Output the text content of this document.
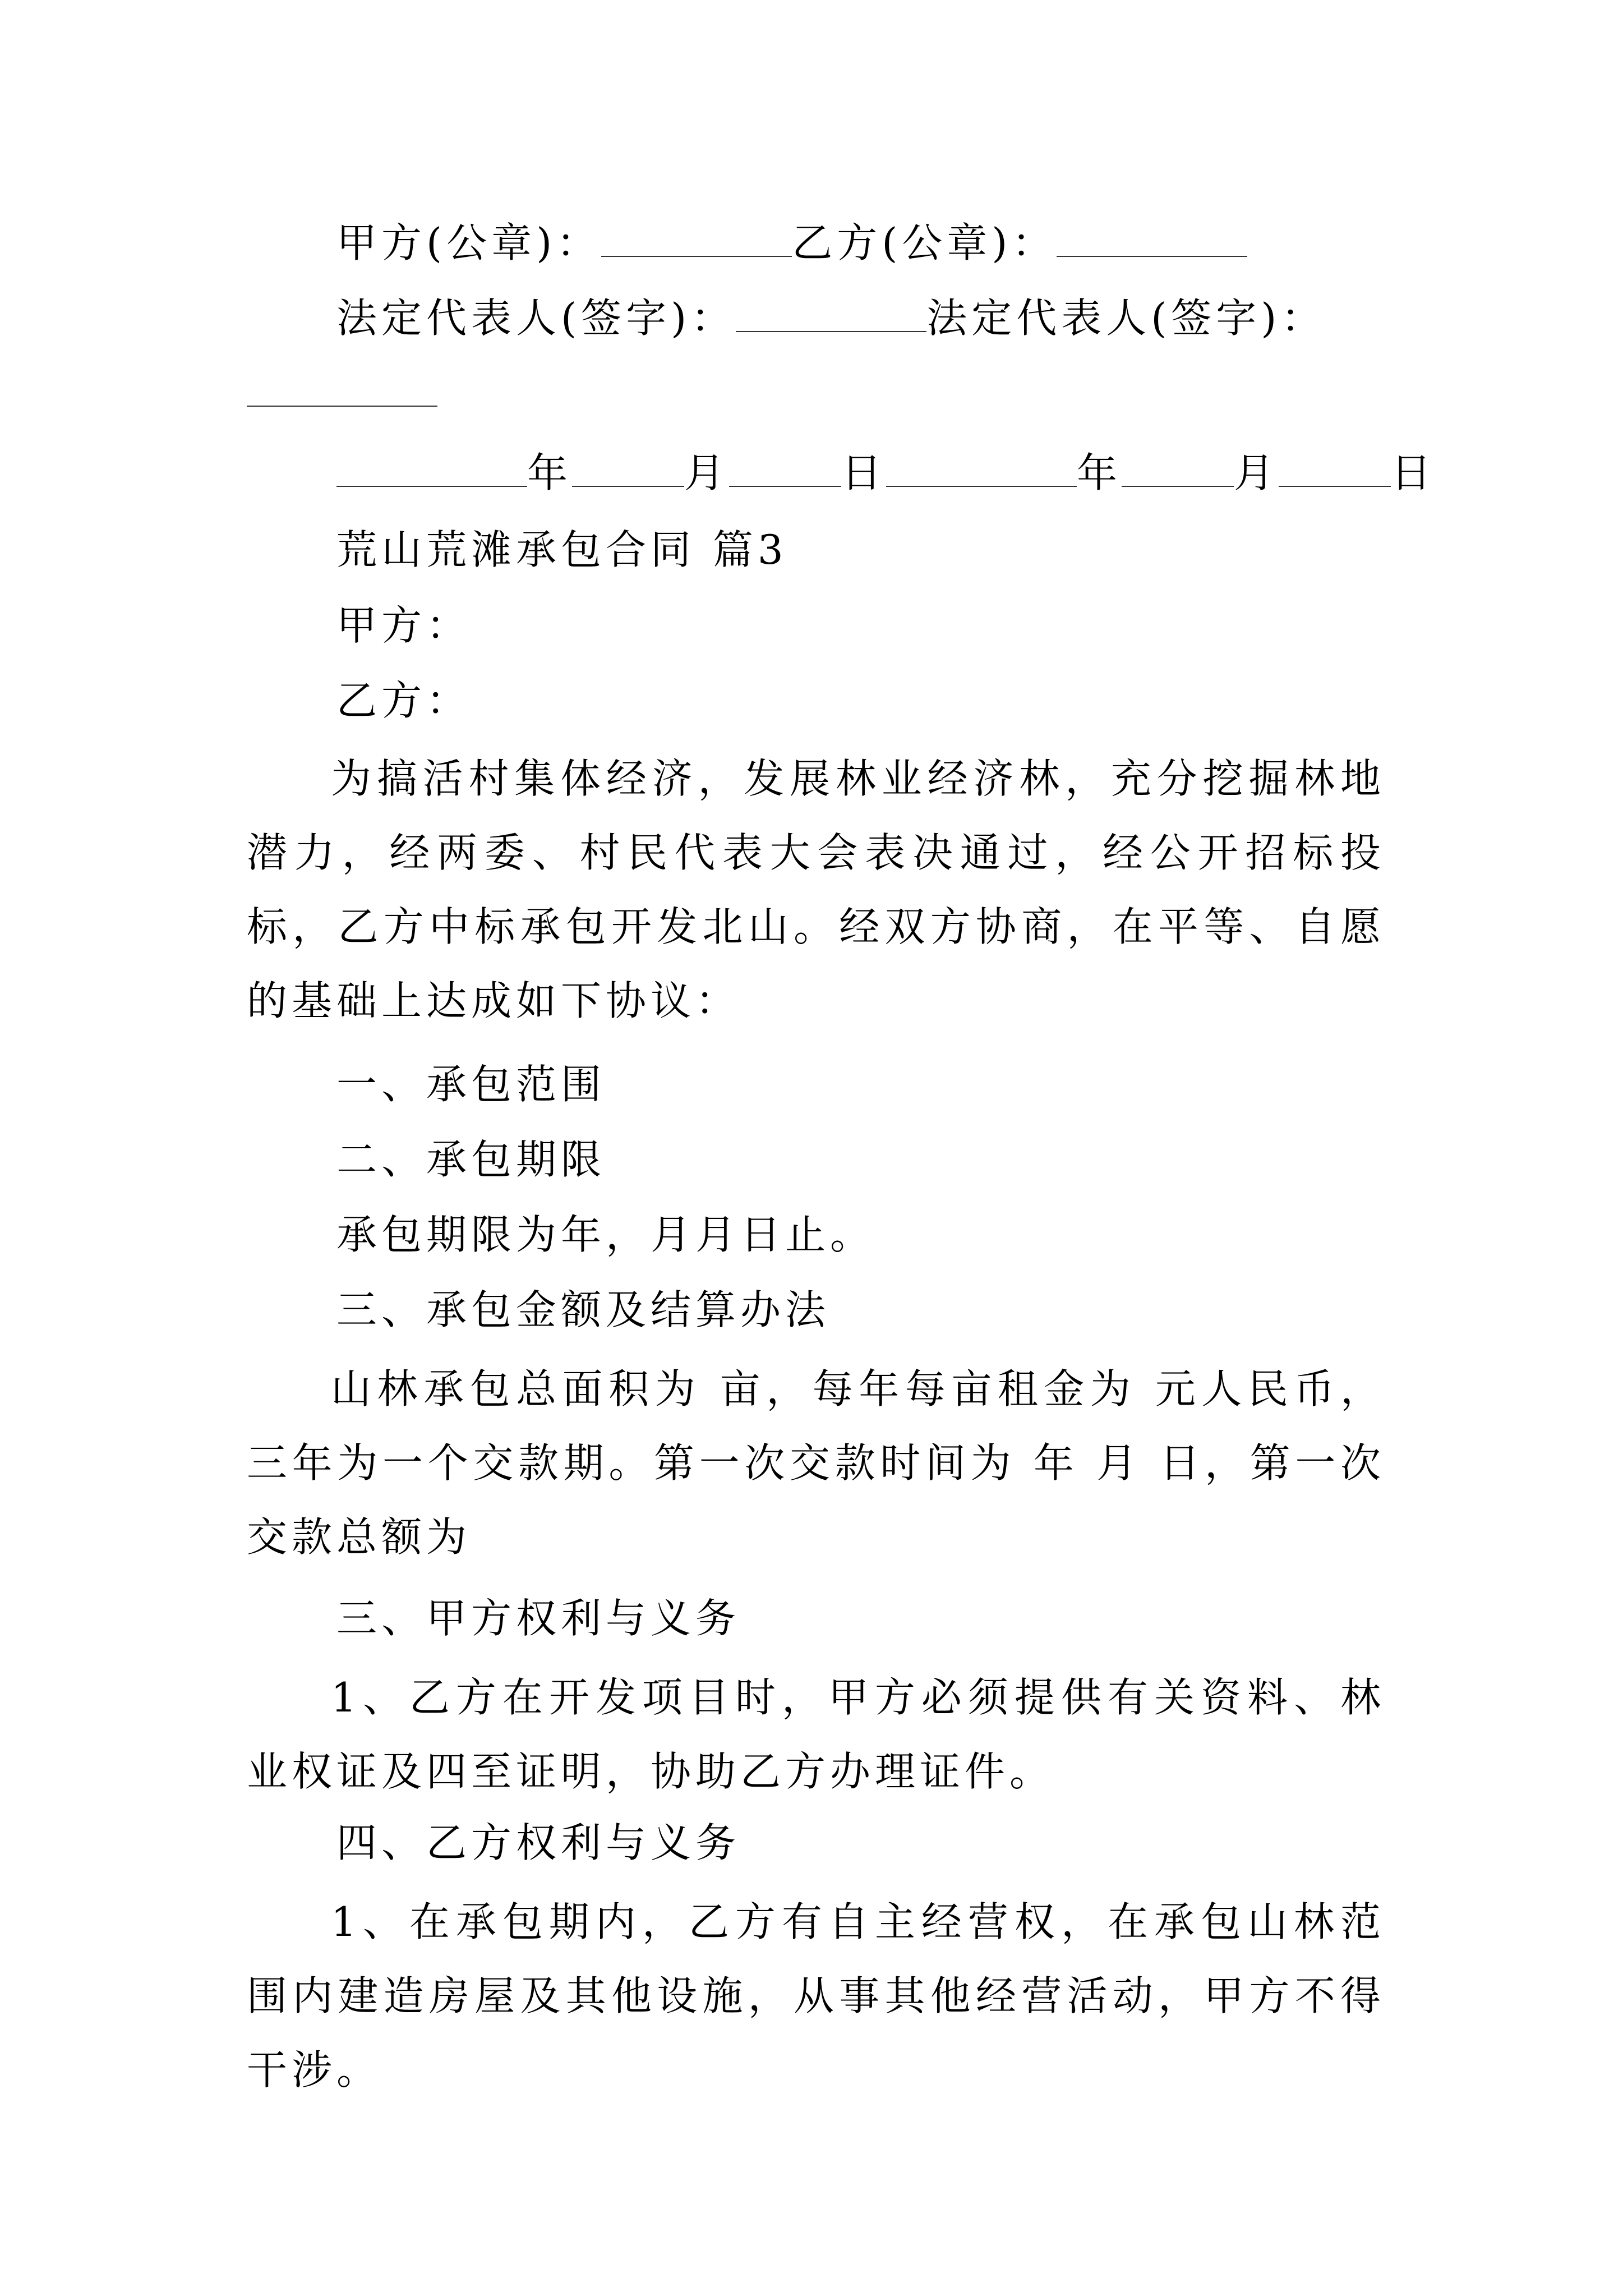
甲方(公章)：	乙方(公章)：
法定代表人(签字)：	法定代表人(签字)：
年	月	日	年	月	日
荒山荒滩承包合同 篇3
甲方：
乙方：
为搞活村集体经济，发展林业经济林，充分挖掘林地潜力，经两委、村民代表大会表决通过，经公开招标投标，乙方中标承包开发北山。经双方协商，在平等、自愿的基础上达成如下协议：
一、承包范围
二、承包期限
承包期限为年，月月日止。
三、承包金额及结算办法
山林承包总面积为 亩，每年每亩租金为 元人民币，三年为一个交款期。第一次交款时间为 年 月 日，第一次交款总额为
三、甲方权利与义务
1、乙方在开发项目时，甲方必须提供有关资料、林业权证及四至证明，协助乙方办理证件。
四、乙方权利与义务
1、在承包期内，乙方有自主经营权，在承包山林范围内建造房屋及其他设施，从事其他经营活动，甲方不得干涉。
